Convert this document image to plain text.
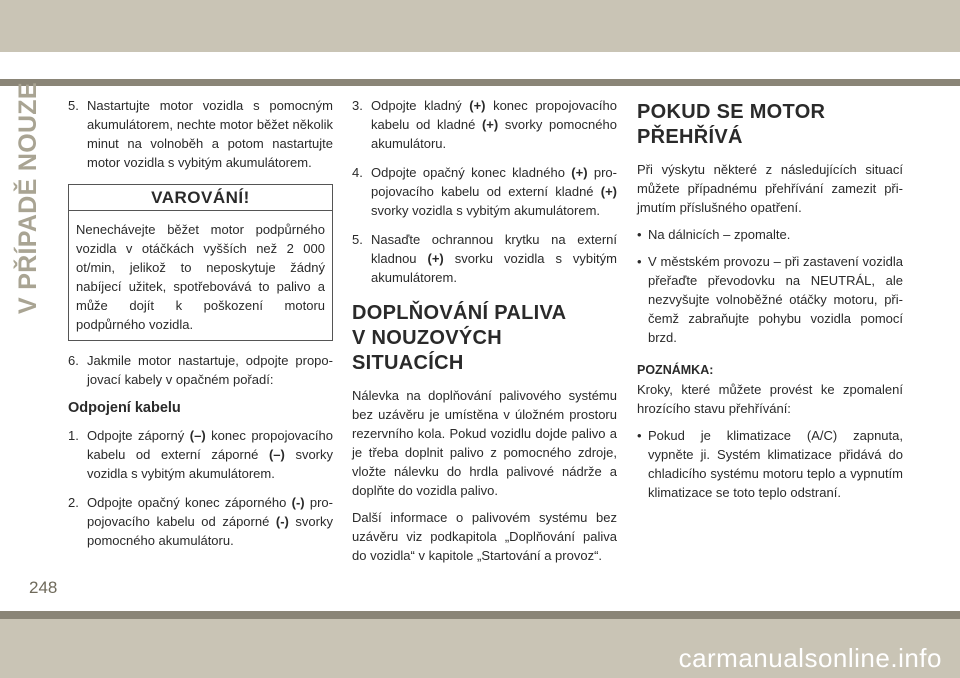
V PŘÍPADĚ NOUZE 5. Nastartujte motor vozidla s pomocným akumulátorem, nechte motor běžet několik minut na volnoběh a potom nastartujte motor vozidla s vybitým akumulátorem.
VAROVÁNÍ!
Nenechávejte běžet motor podpůrného vozidla v otáčkách vyšších než 2 000 ot/min, jelikož to neposkytuje žádný nabíjecí užitek, spotřebovává to palivo a může dojít k poškození motoru podpůrného vozidla.
6. Jakmile motor nastartuje, odpojte propojovací kabely v opačném pořadí:
Odpojení kabelu
1. Odpojte záporný (–) konec propojovacího kabelu od externí záporné (–) svorky vozidla s vybitým akumulátorem.
2. Odpojte opačný konec záporného (-) propojovacího kabelu od záporné (-) svorky pomocného akumulátoru.
3. Odpojte kladný (+) konec propojovacího kabelu od kladné (+) svorky pomocného akumulátoru.
4. Odpojte opačný konec kladného (+) propojovacího kabelu od externí kladné (+) svorky vozidla s vybitým akumulátorem.
5. Nasaďte ochrannou krytku na externí kladnou (+) svorku vozidla s vybitým akumulátorem.
DOPLŇOVÁNÍ PALIVA
V NOUZOVÝCH SITUACÍCH

Nálevka na doplňování palivového systému bez uzávěru je umístěna v úložném prostoru rezervního kola. Pokud vozidlu dojde palivo a je třeba doplnit palivo z pomocného zdroje, vložte nálevku do hrdla palivové nádrže a doplňte do vozidla palivo.

Další informace o palivovém systému bez uzávěru viz podkapitola „Doplňování paliva do vozidla“ v kapitole „Startování a provoz“.

POKUD SE MOTOR
PŘEHŘÍVÁ

Při výskytu některé z následujících situací můžete případnému přehřívání zamezit přijmutím příslušného opatření.

• Na dálnicích – zpomalte.
• V městském provozu – při zastavení vozidla přeřaďte převodovku na NEUTRÁL, ale nezvyšujte volnoběžné otáčky motoru, přičemž zabraňujte pohybu vozidla pomocí brzd.
POZNÁMKA:

Kroky, které můžete provést ke zpomalení hrozícího stavu přehřívání:

• Pokud je klimatizace (A/C) zapnuta, vypněte ji. Systém klimatizace přidává do chladicího systému motoru teplo a vypnutím klimatizace se toto teplo odstraní.
248
carmanualsonline.info
